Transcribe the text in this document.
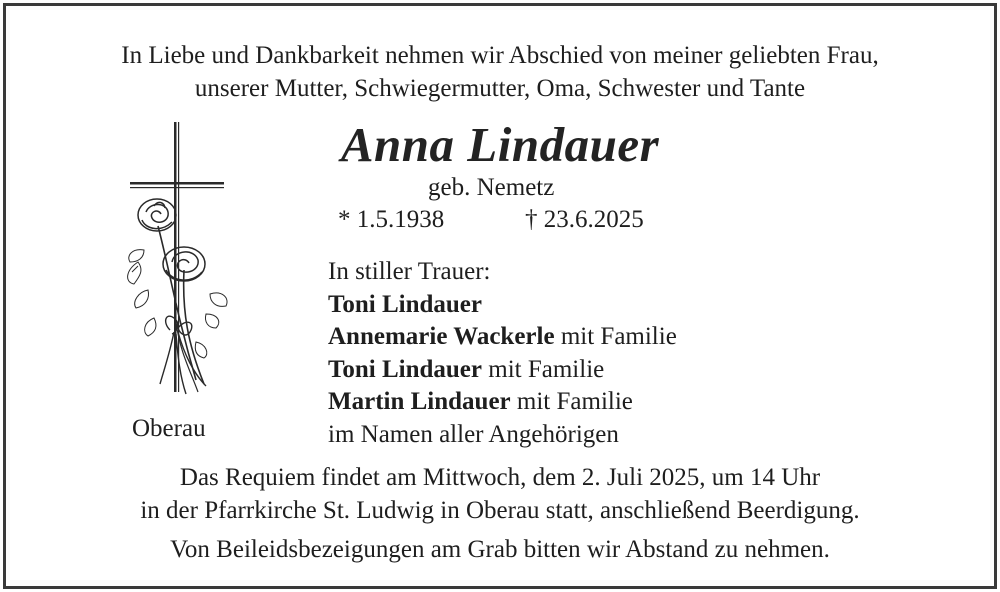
In Liebe und Dankbarkeit nehmen wir Abschied von meiner geliebten Frau,
unserer Mutter, Schwiegermutter, Oma, Schwester und Tante
Anna Lindauer
geb. Nemetz
* 1.5.1938	† 23.6.2025
Oberau
In stiller Trauer:
Toni Lindauer
Annemarie Wackerle mit Familie
Toni Lindauer mit Familie
Martin Lindauer mit Familie
im Namen aller Angehörigen
Das Requiem findet am Mittwoch, dem 2. Juli 2025, um 14 Uhr
in der Pfarrkirche St. Ludwig in Oberau statt, anschließend Beerdigung.
Von Beileidsbezeigungen am Grab bitten wir Abstand zu nehmen.
